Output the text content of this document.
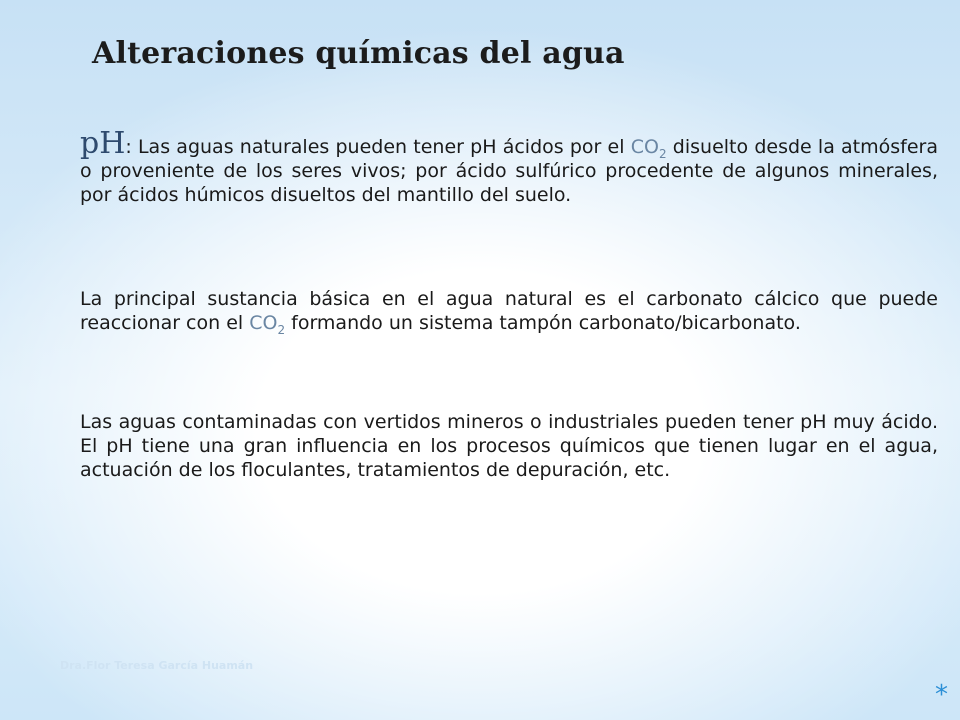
Alteraciones químicas del agua

pH: Las aguas naturales pueden tener pH ácidos por el $CO_2$ disuelto desde la atmósfera o proveniente de los seres vivos; por ácido sulfúrico procedente de algunos minerales, por ácidos húmicos disueltos del mantillo del suelo.

La principal sustancia básica en el agua natural es el carbonato cálcico que puede reaccionar con el $CO_2$ formando un sistema tampón carbonato/bicarbonato.

Las aguas contaminadas con vertidos mineros o industriales pueden tener pH muy ácido. El pH tiene una gran influencia en los procesos químicos que tienen lugar en el agua, actuación de los floculantes, tratamientos de depuración, etc.

Dra.Flor Teresa García Huamán
*
